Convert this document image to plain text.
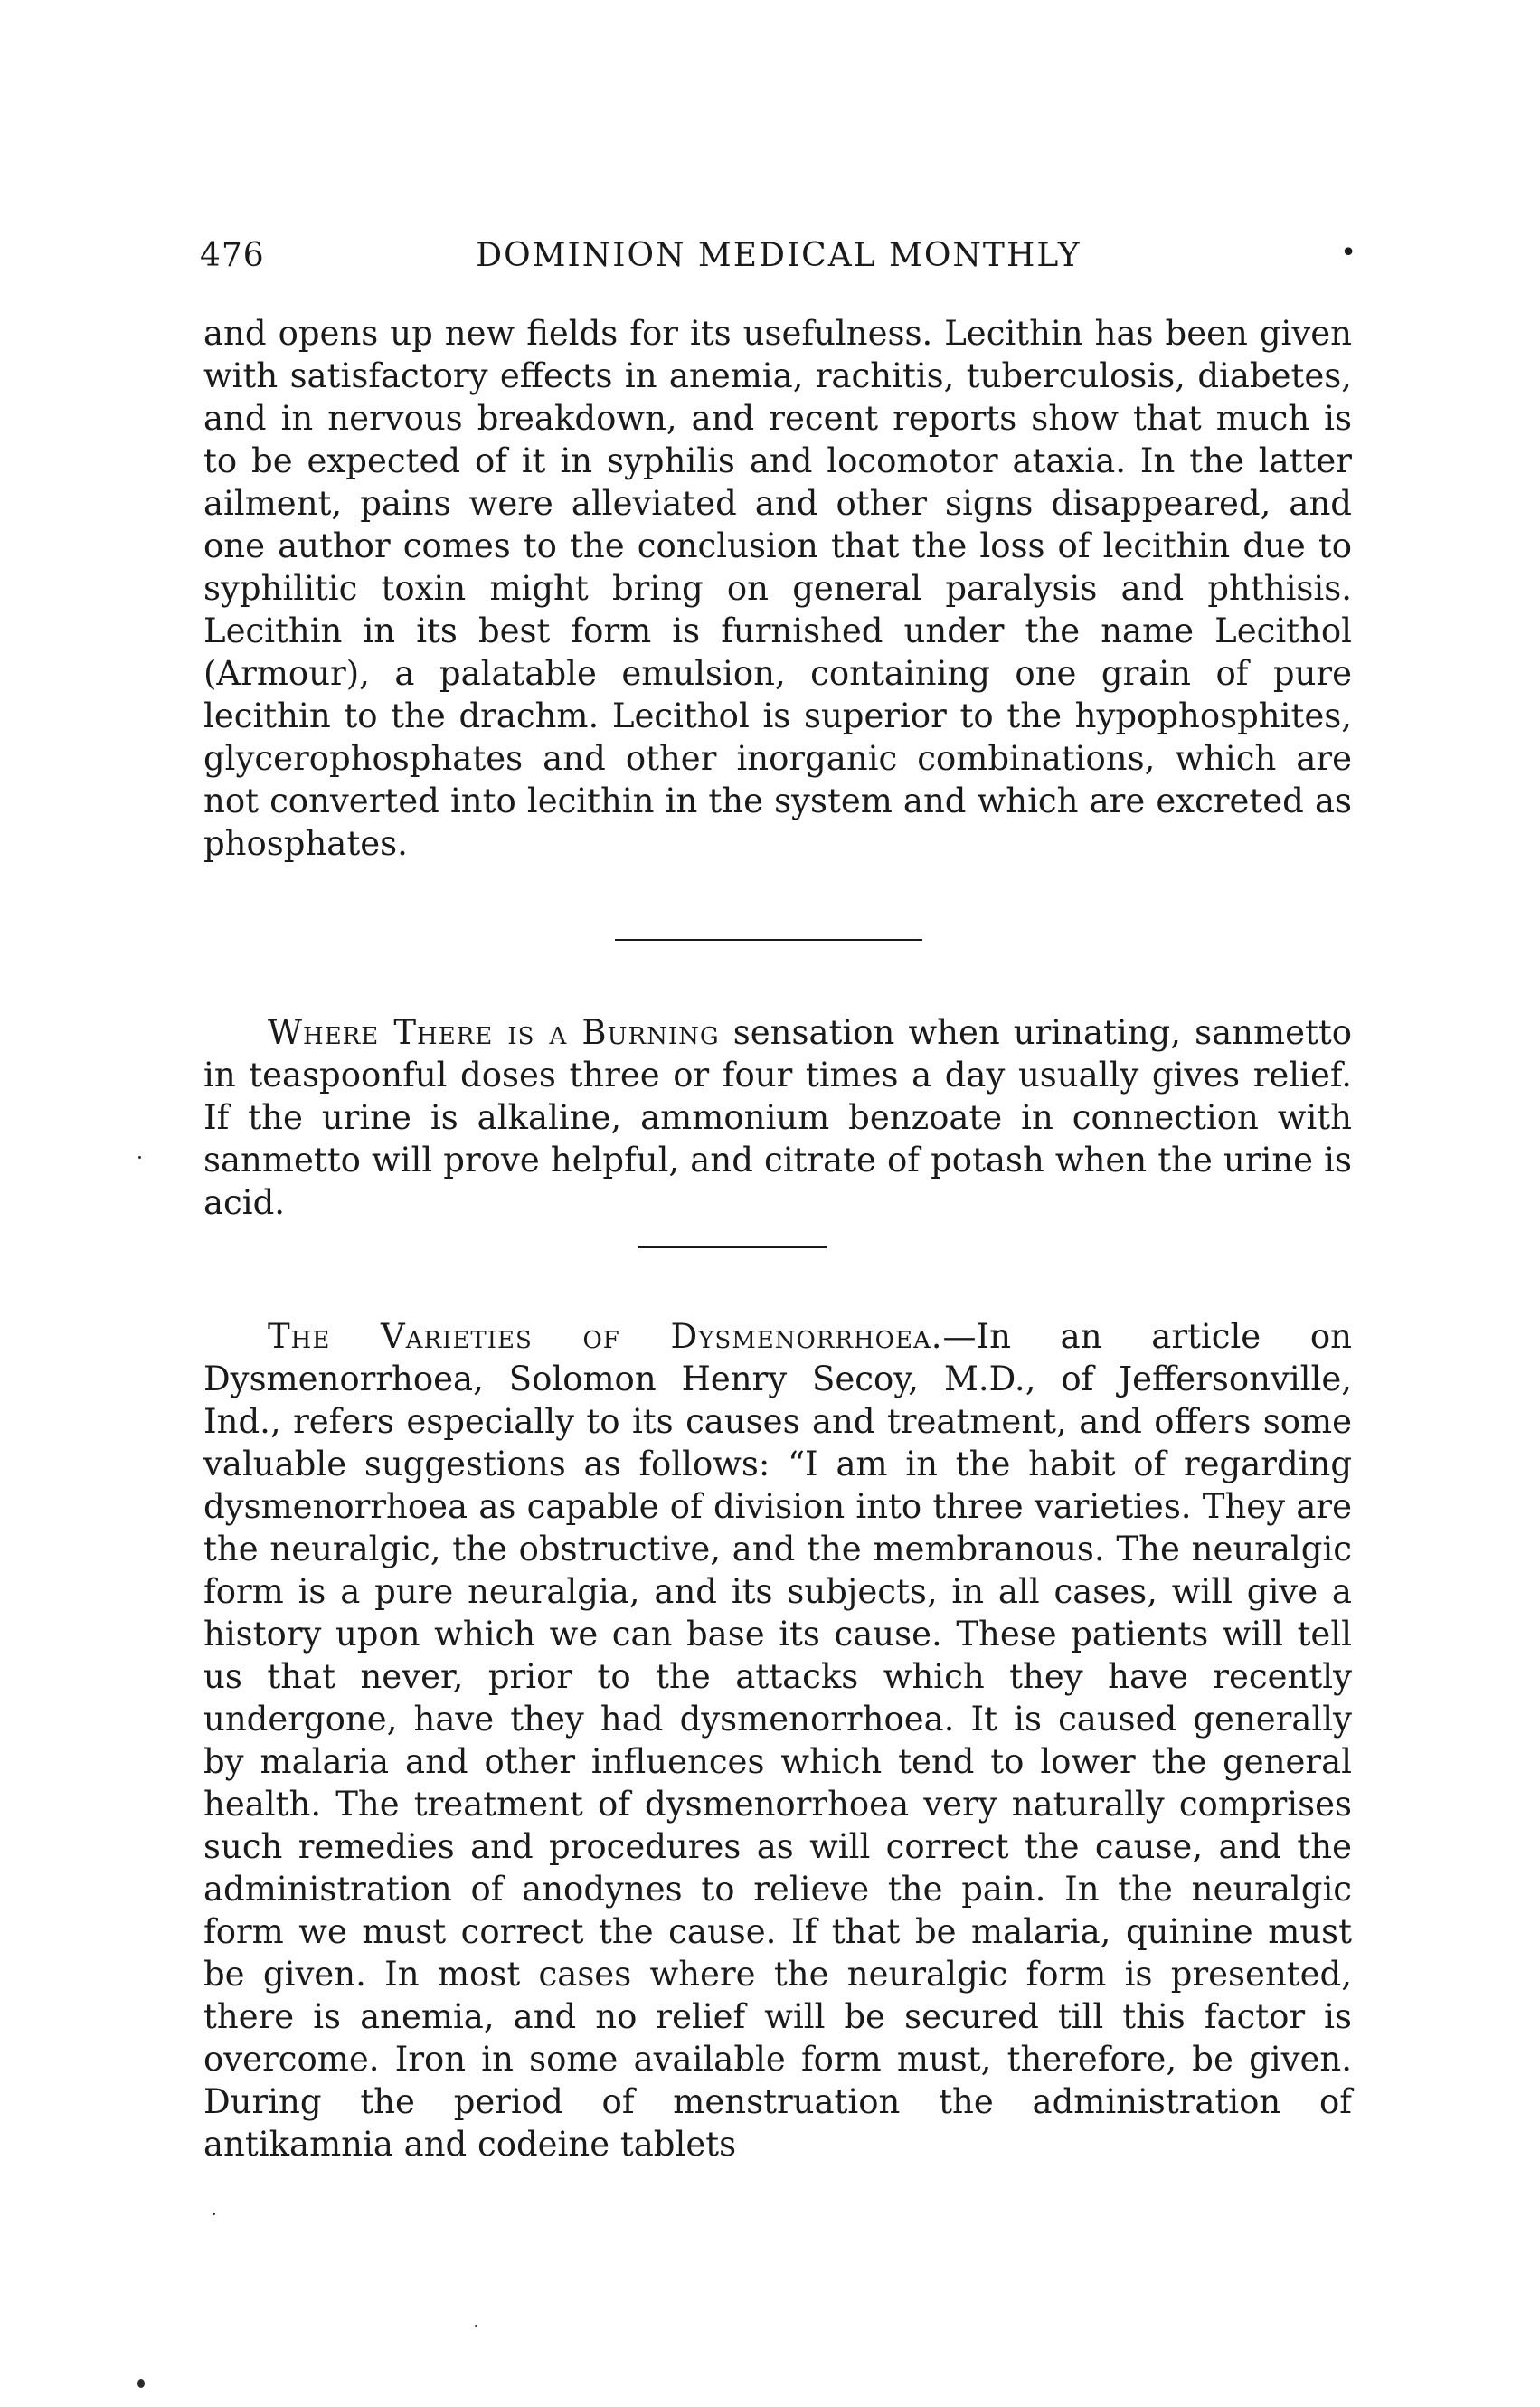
476	DOMINION MEDICAL MONTHLY	•

and opens up new fields for its usefulness. Lecithin has been given with satisfactory effects in anemia, rachitis, tuberculosis, diabetes, and in nervous breakdown, and recent reports show that much is to be expected of it in syphilis and locomotor ataxia. In the latter ailment, pains were alleviated and other signs disappeared, and one author comes to the conclusion that the loss of lecithin due to syphilitic toxin might bring on general paralysis and phthisis. Lecithin in its best form is furnished under the name Lecithol (Armour), a palatable emulsion, containing one grain of pure lecithin to the drachm. Lecithol is superior to the hypophosphites, glycerophosphates and other inorganic combinations, which are not converted into lecithin in the system and which are excreted as phosphates.

Where There is a Burning sensation when urinating, sanmetto in teaspoonful doses three or four times a day usually gives relief. If the urine is alkaline, ammonium benzoate in connection with sanmetto will prove helpful, and citrate of potash when the urine is acid.

The Varieties of Dysmenorrhoea.—In an article on Dysmenorrhoea, Solomon Henry Secoy, M.D., of Jeffersonville, Ind., refers especially to its causes and treatment, and offers some valuable suggestions as follows: “I am in the habit of regarding dysmenorrhoea as capable of division into three varieties. They are the neuralgic, the obstructive, and the membranous. The neuralgic form is a pure neuralgia, and its subjects, in all cases, will give a history upon which we can base its cause. These patients will tell us that never, prior to the attacks which they have recently undergone, have they had dysmenorrhoea. It is caused generally by malaria and other influences which tend to lower the general health. The treatment of dysmenorrhoea very naturally comprises such remedies and procedures as will correct the cause, and the administration of anodynes to relieve the pain. In the neuralgic form we must correct the cause. If that be malaria, quinine must be given. In most cases where the neuralgic form is presented, there is anemia, and no relief will be secured till this factor is overcome. Iron in some available form must, therefore, be given. During the period of menstruation the administration of antikamnia and codeine tablets
